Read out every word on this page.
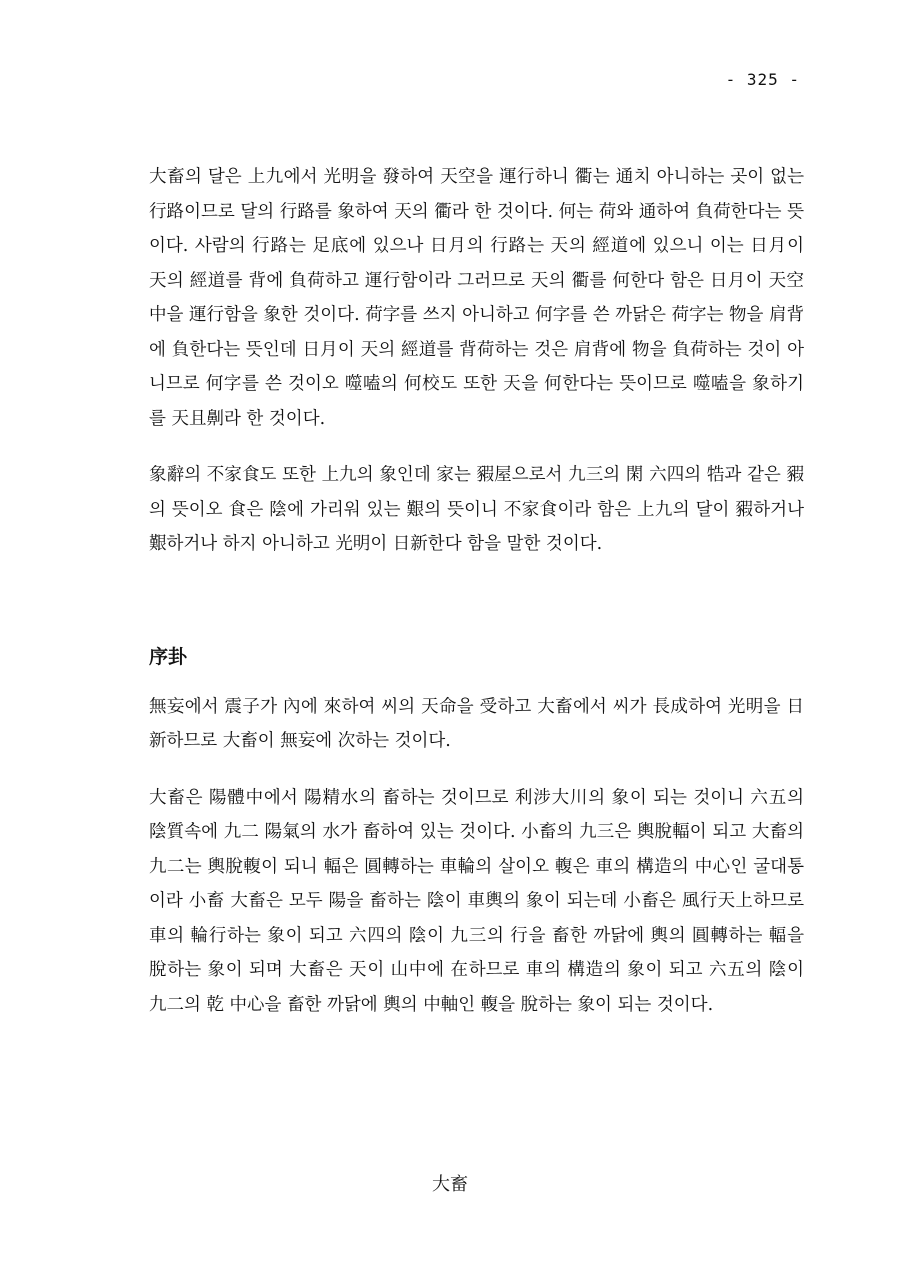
- 325 -

大畜의 달은 上九에서 光明을 發하여 天空을 運行하니 衢는 通치 아니하는 곳이 없는 行路이므로 달의 行路를 象하여 天의 衢라 한 것이다. 何는 荷와 通하여 負荷한다는 뜻이다. 사람의 行路는 足底에 있으나 日月의 行路는 天의 經道에 있으니 이는 日月이 天의 經道를 背에 負荷하고 運行함이라 그러므로 天의 衢를 何한다 함은 日月이 天空中을 運行함을 象한 것이다. 荷字를 쓰지 아니하고 何字를 쓴 까닭은 荷字는 物을 肩背에 負한다는 뜻인데 日月이 天의 經道를 背荷하는 것은 肩背에 物을 負荷하는 것이 아니므로 何字를 쓴 것이오 噬嗑의 何校도 또한 天을 何한다는 뜻이므로 噬嗑을 象하기를 天且劓라 한 것이다.

象辭의 不家食도 또한 上九의 象인데 家는 豭屋으로서 九三의 閑 六四의 牿과 같은 豭의 뜻이오 食은 陰에 가리워 있는 艱의 뜻이니 不家食이라 함은 上九의 달이 豭하거나 艱하거나 하지 아니하고 光明이 日新한다 함을 말한 것이다.

序卦

無妄에서 震子가 內에 來하여 씨의 天命을 受하고 大畜에서 씨가 長成하여 光明을 日新하므로 大畜이 無妄에 次하는 것이다.

大畜은 陽體中에서 陽精水의 畜하는 것이므로 利涉大川의 象이 되는 것이니 六五의 陰質속에 九二 陽氣의 水가 畜하여 있는 것이다. 小畜의 九三은 輿脫輻이 되고 大畜의 九二는 輿脫輹이 되니 輻은 圓轉하는 車輪의 살이오 輹은 車의 構造의 中心인 굴대통이라 小畜 大畜은 모두 陽을 畜하는 陰이 車輿의 象이 되는데 小畜은 風行天上하므로 車의 輪行하는 象이 되고 六四의 陰이 九三의 行을 畜한 까닭에 輿의 圓轉하는 輻을 脫하는 象이 되며 大畜은 天이 山中에 在하므로 車의 構造의 象이 되고 六五의 陰이 九二의 乾 中心을 畜한 까닭에 輿의 中軸인 輹을 脫하는 象이 되는 것이다.

大畜
